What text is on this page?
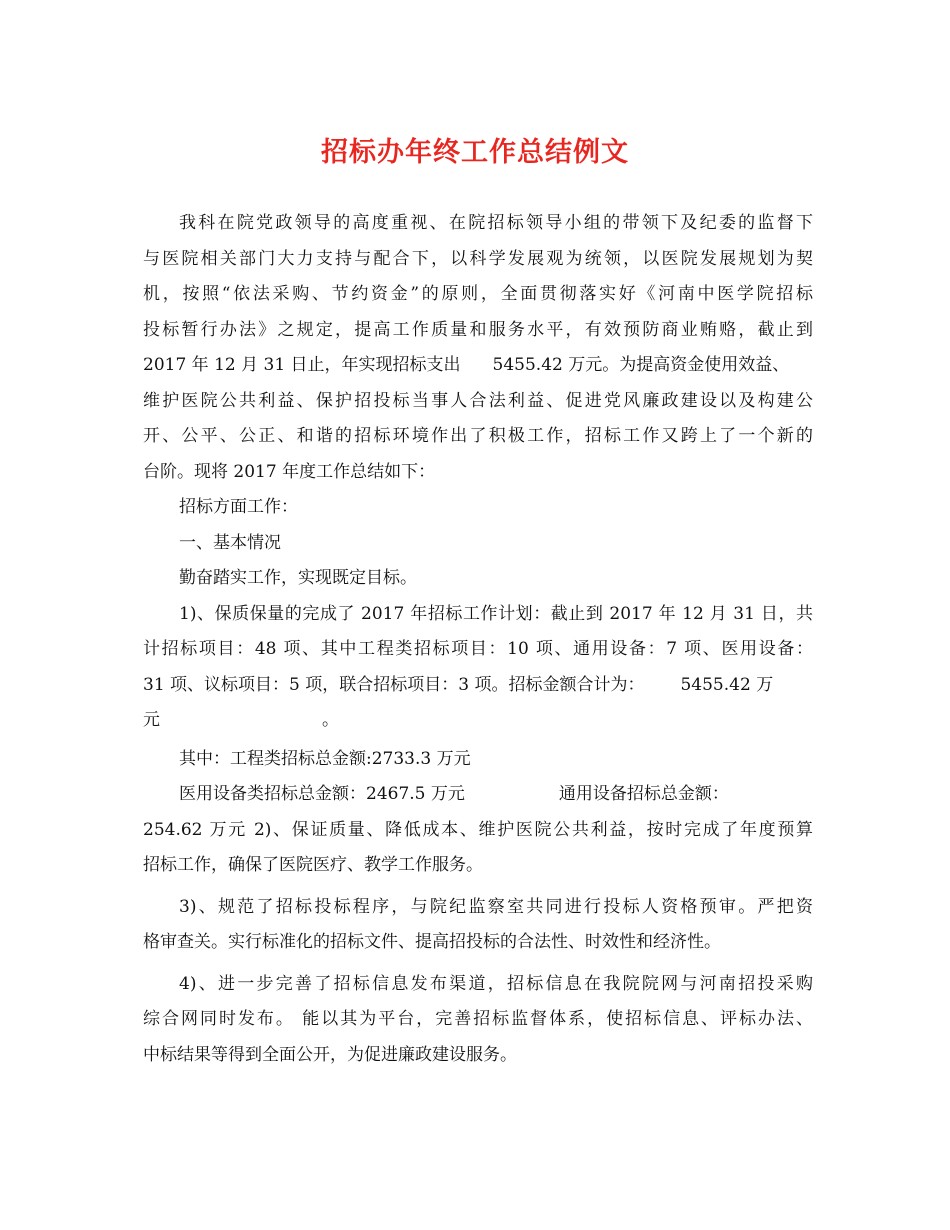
招标办年终工作总结例文
我科在院党政领导的高度重视、在院招标领导小组的带领下及纪委的监督下
与医院相关部门大力支持与配合下，以科学发展观为统领，以医院发展规划为契
机，按照“依法采购、节约资金”的原则，全面贯彻落实好《河南中医学院招标
投标暂行办法》之规定，提高工作质量和服务水平，有效预防商业贿赂，截止到
2017 年 12 月 31 日止，年实现招标支出 5455.42 万元。为提高资金使用效益、
维护医院公共利益、保护招投标当事人合法利益、促进党风廉政建设以及构建公
开、公平、公正、和谐的招标环境作出了积极工作，招标工作又跨上了一个新的
台阶。现将 2017 年度工作总结如下：
招标方面工作：
一、基本情况
勤奋踏实工作，实现既定目标。
1)、保质保量的完成了 2017 年招标工作计划：截止到 2017 年 12 月 31 日，共
计招标项目：48 项、其中工程类招标项目：10 项、通用设备：7 项、医用设备：
31 项、议标项目：5 项，联合招标项目：3 项。招标金额合计为： 5455.42 万
元	。
其中：工程类招标总金额:2733.3 万元
医用设备类招标总金额：2467.5 万元	通用设备招标总金额：
254.62 万元 2)、保证质量、降低成本、维护医院公共利益，按时完成了年度预算
招标工作，确保了医院医疗、教学工作服务。
3)、规范了招标投标程序，与院纪监察室共同进行投标人资格预审。严把资
格审查关。实行标准化的招标文件、提高招投标的合法性、时效性和经济性。
4)、进一步完善了招标信息发布渠道，招标信息在我院院网与河南招投采购
综合网同时发布。 能以其为平台，完善招标监督体系，使招标信息、评标办法、
中标结果等得到全面公开，为促进廉政建设服务。
